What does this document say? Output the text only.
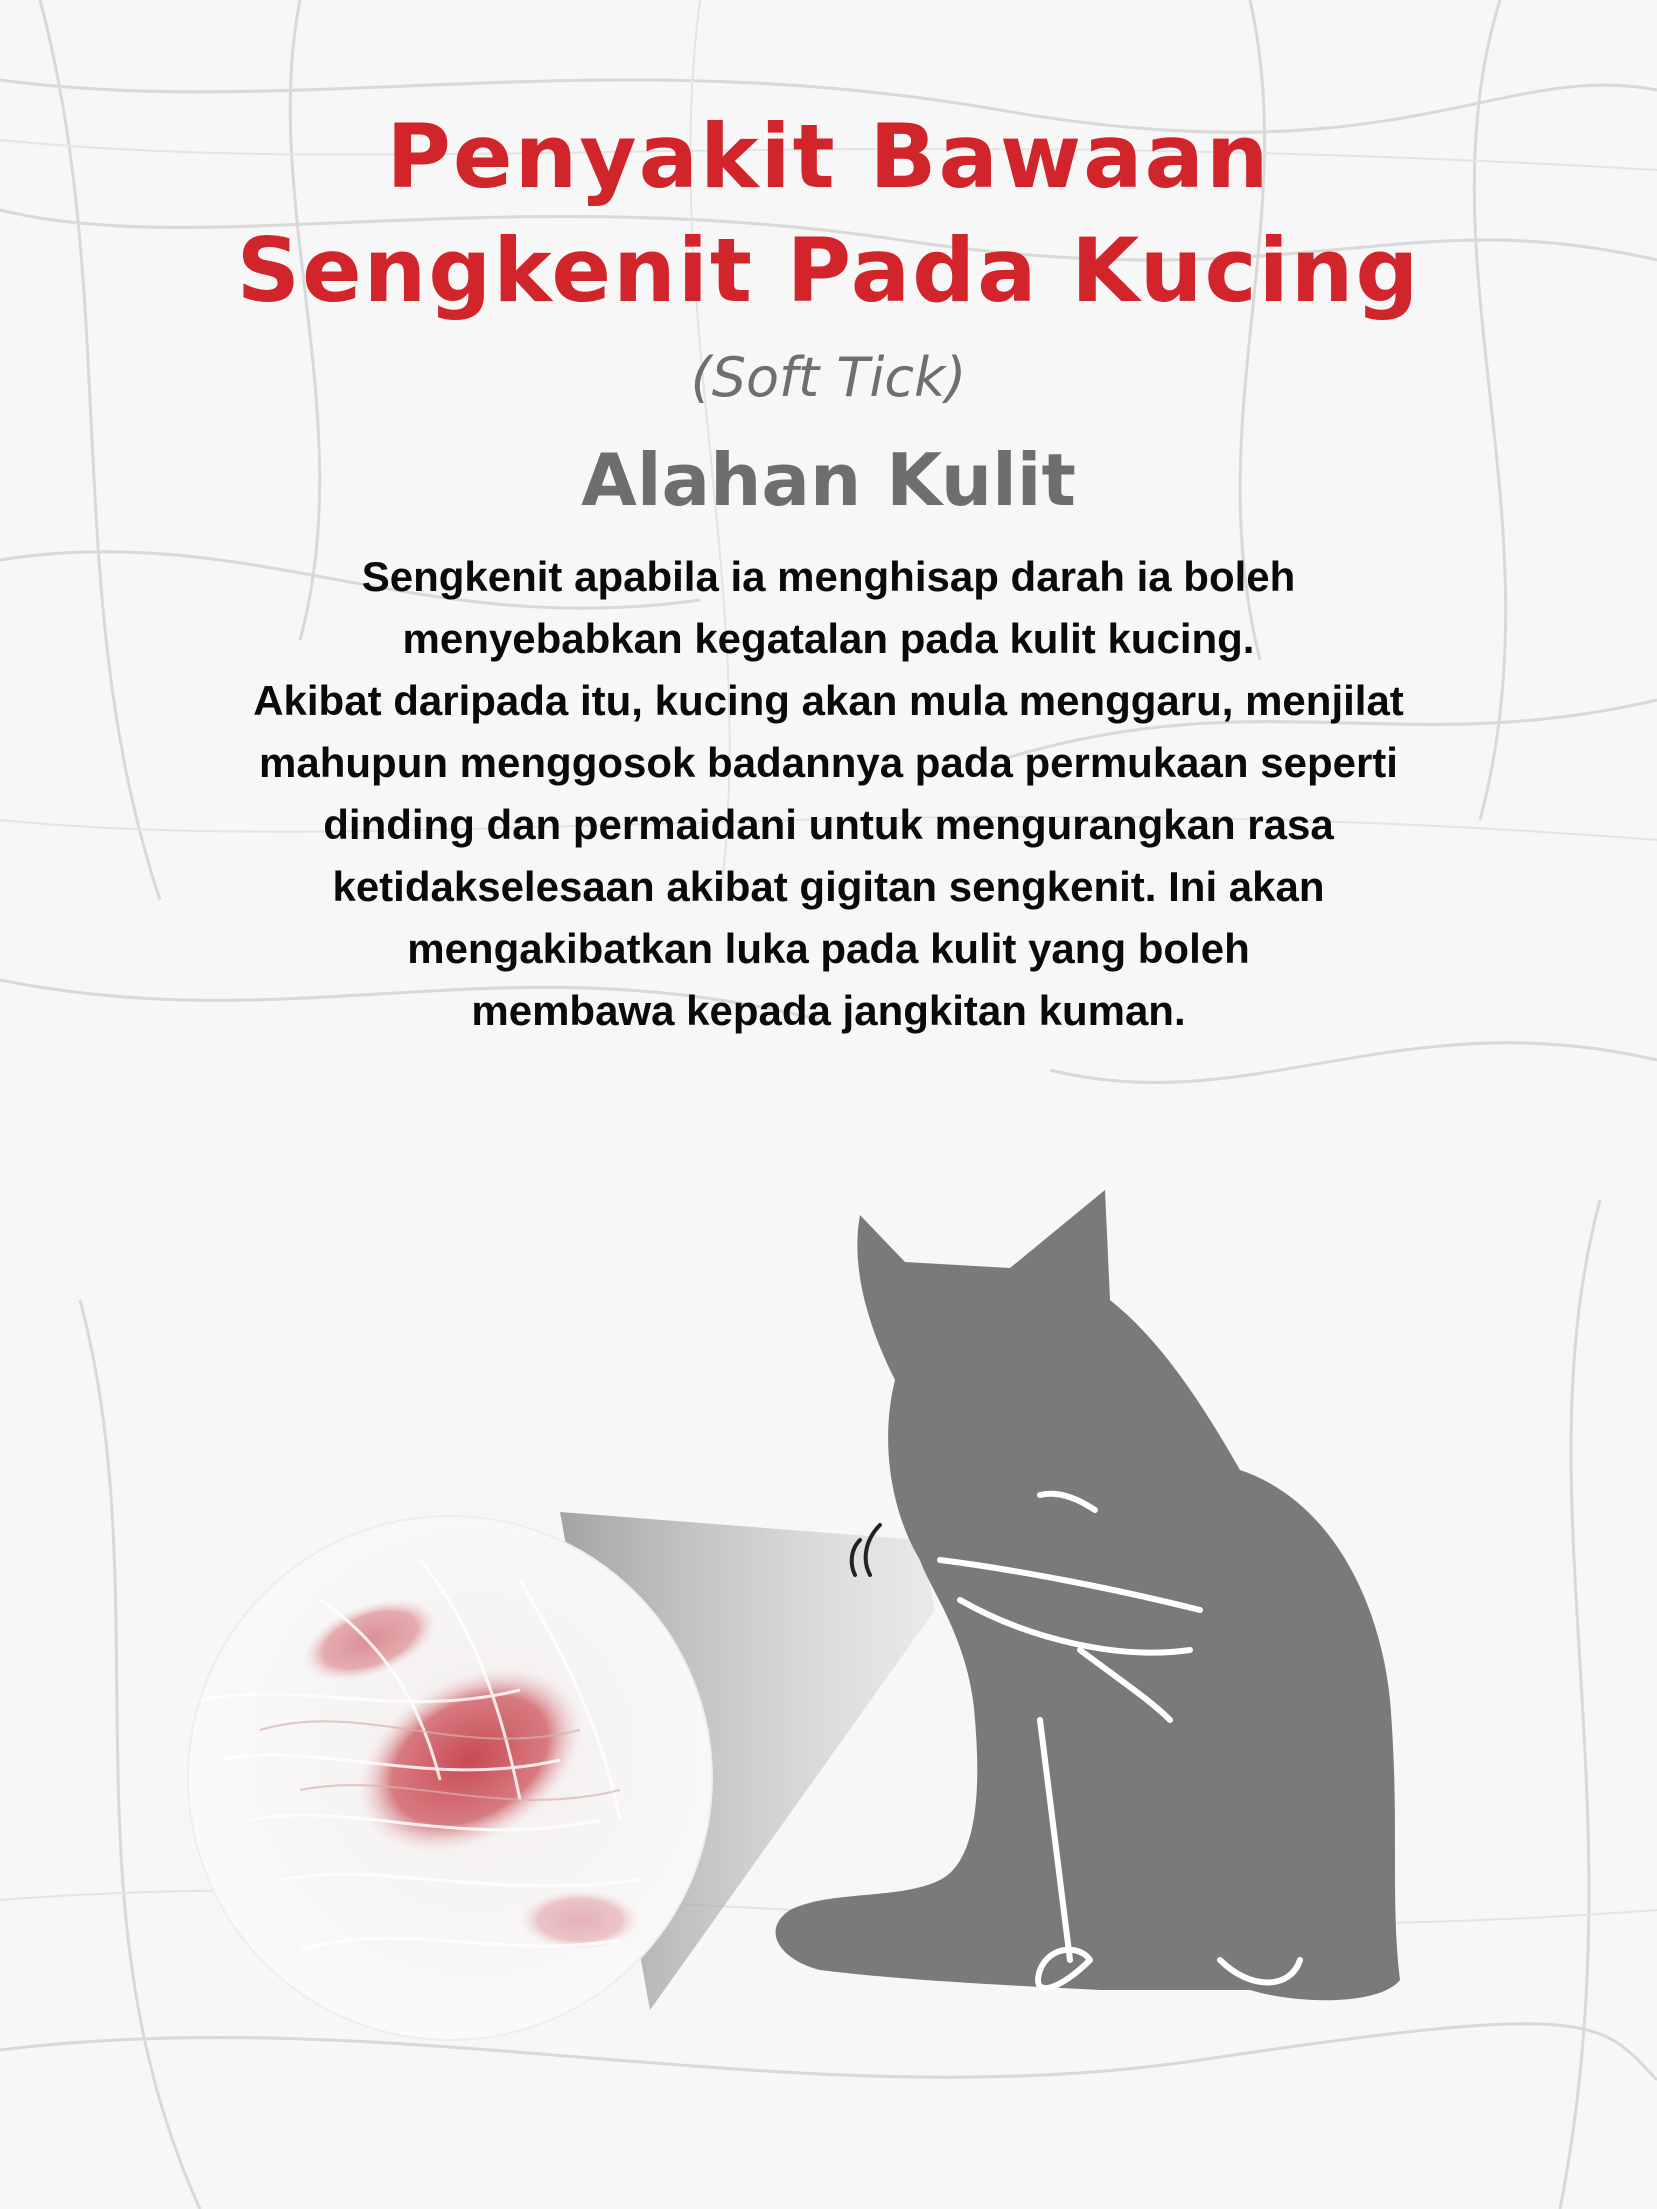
Penyakit Bawaan
Sengkenit Pada Kucing
(Soft Tick)
Alahan Kulit
Sengkenit apabila ia menghisap darah ia boleh
menyebabkan kegatalan pada kulit kucing.
Akibat daripada itu, kucing akan mula menggaru, menjilat
mahupun menggosok badannya pada permukaan seperti
dinding dan permaidani untuk mengurangkan rasa
ketidakselesaan akibat gigitan sengkenit. Ini akan
mengakibatkan luka pada kulit yang boleh
membawa kepada jangkitan kuman.
